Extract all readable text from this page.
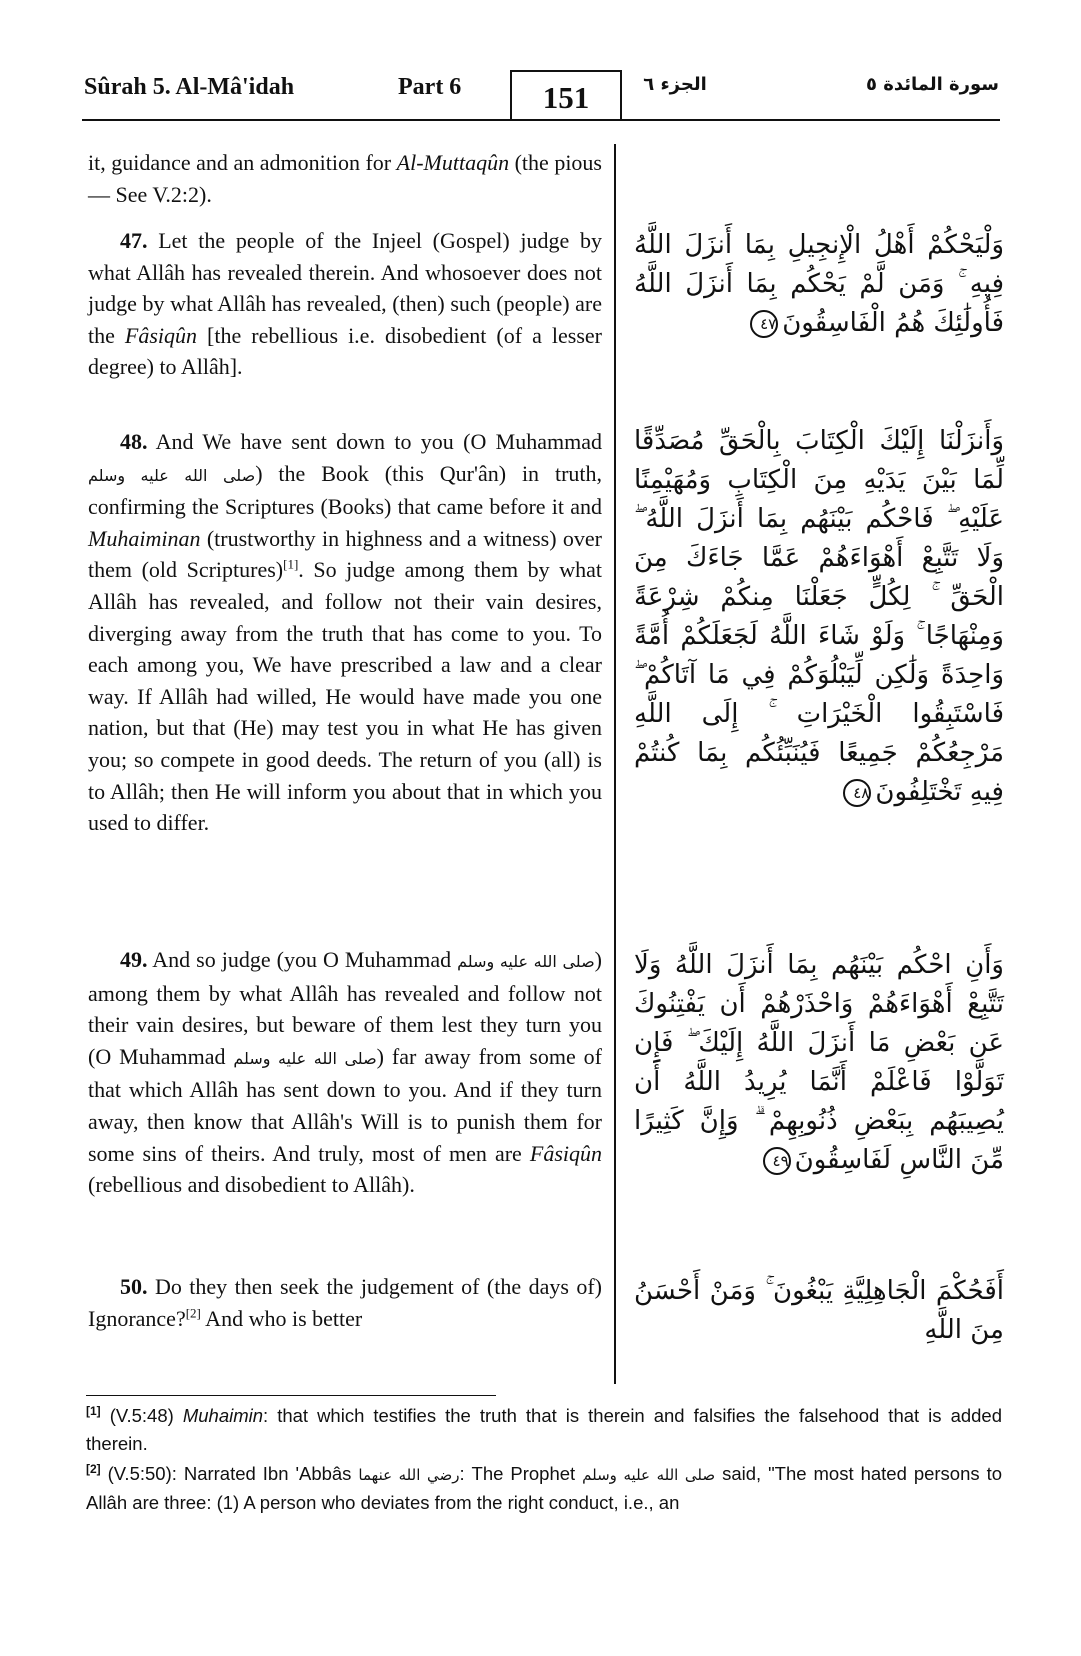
Sûrah 5. Al-Mâ'idah	Part 6	151	الجزء ٦	سورة المائدة ٥
it, guidance and an admonition for Al-Muttaqûn (the pious — See V.2:2).
47. Let the people of the Injeel (Gospel) judge by what Allâh has revealed therein. And whosoever does not judge by what Allâh has revealed, (then) such (people) are the Fâsiqûn [the rebellious i.e. disobedient (of a lesser degree) to Allâh].
48. And We have sent down to you (O Muhammad صلى الله عليه وسلم) the Book (this Qur'ân) in truth, confirming the Scriptures (Books) that came before it and Muhaiminan (trustworthy in highness and a witness) over them (old Scriptures)[1]. So judge among them by what Allâh has revealed, and follow not their vain desires, diverging away from the truth that has come to you. To each among you, We have prescribed a law and a clear way. If Allâh had willed, He would have made you one nation, but that (He) may test you in what He has given you; so compete in good deeds. The return of you (all) is to Allâh; then He will inform you about that in which you used to differ.
49. And so judge (you O Muhammad صلى الله عليه وسلم) among them by what Allâh has revealed and follow not their vain desires, but beware of them lest they turn you (O Muhammad صلى الله عليه وسلم) far away from some of that which Allâh has sent down to you. And if they turn away, then know that Allâh's Will is to punish them for some sins of theirs. And truly, most of men are Fâsiqûn (rebellious and disobedient to Allâh).
50. Do they then seek the judgement of (the days of) Ignorance?[2] And who is better
وَلْيَحْكُمْ أَهْلُ الْإِنجِيلِ بِمَا أَنزَلَ اللَّهُ فِيهِ ۚ وَمَن لَّمْ يَحْكُم بِمَا أَنزَلَ اللَّهُ فَأُولَٰئِكَ هُمُ الْفَاسِقُونَ٤٧
وَأَنزَلْنَا إِلَيْكَ الْكِتَابَ بِالْحَقِّ مُصَدِّقًا لِّمَا بَيْنَ يَدَيْهِ مِنَ الْكِتَابِ وَمُهَيْمِنًا عَلَيْهِ ۖ فَاحْكُم بَيْنَهُم بِمَا أَنزَلَ اللَّهُ ۖ وَلَا تَتَّبِعْ أَهْوَاءَهُمْ عَمَّا جَاءَكَ مِنَ الْحَقِّ ۚ لِكُلٍّ جَعَلْنَا مِنكُمْ شِرْعَةً وَمِنْهَاجًا ۚ وَلَوْ شَاءَ اللَّهُ لَجَعَلَكُمْ أُمَّةً وَاحِدَةً وَلَٰكِن لِّيَبْلُوَكُمْ فِي مَا آتَاكُمْ ۖ فَاسْتَبِقُوا الْخَيْرَاتِ ۚ إِلَى اللَّهِ مَرْجِعُكُمْ جَمِيعًا فَيُنَبِّئُكُم بِمَا كُنتُمْ فِيهِ تَخْتَلِفُونَ٤٨
وَأَنِ احْكُم بَيْنَهُم بِمَا أَنزَلَ اللَّهُ وَلَا تَتَّبِعْ أَهْوَاءَهُمْ وَاحْذَرْهُمْ أَن يَفْتِنُوكَ عَن بَعْضِ مَا أَنزَلَ اللَّهُ إِلَيْكَ ۖ فَإِن تَوَلَّوْا فَاعْلَمْ أَنَّمَا يُرِيدُ اللَّهُ أَن يُصِيبَهُم بِبَعْضِ ذُنُوبِهِمْ ۗ وَإِنَّ كَثِيرًا مِّنَ النَّاسِ لَفَاسِقُونَ٤٩
أَفَحُكْمَ الْجَاهِلِيَّةِ يَبْغُونَ ۚ وَمَنْ أَحْسَنُ مِنَ اللَّهِ
[1] (V.5:48) Muhaimin: that which testifies the truth that is therein and falsifies the falsehood that is added therein.
[2] (V.5:50): Narrated Ibn 'Abbâs رضي الله عنهما: The Prophet صلى الله عليه وسلم said, "The most hated persons to Allâh are three: (1) A person who deviates from the right conduct, i.e., an
